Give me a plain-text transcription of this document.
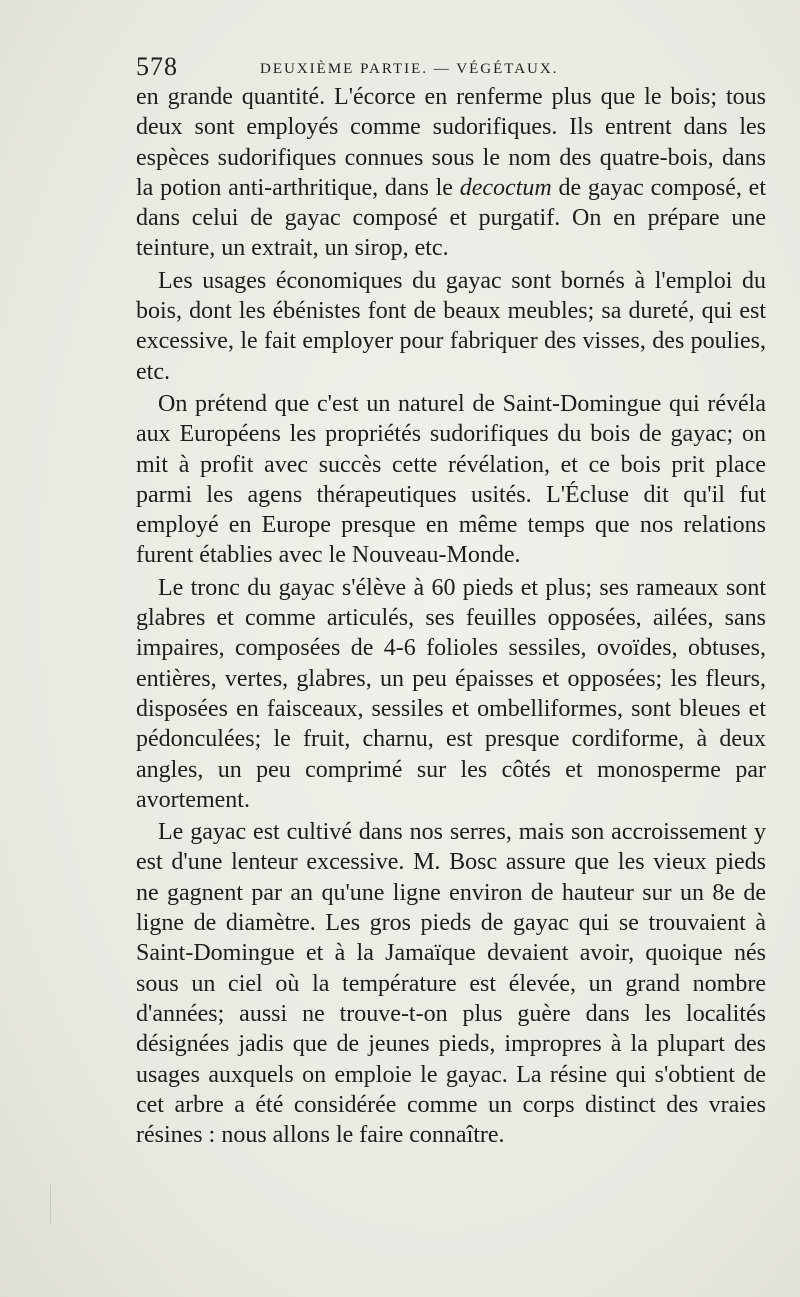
578	DEUXIÈME PARTIE. — VÉGÉTAUX.

en grande quantité. L'écorce en renferme plus que le bois; tous deux sont employés comme sudorifiques. Ils entrent dans les espèces sudorifiques connues sous le nom des quatre-bois, dans la potion anti-arthritique, dans le decoctum de gayac composé, et dans celui de gayac composé et purgatif. On en prépare une teinture, un extrait, un sirop, etc.

Les usages économiques du gayac sont bornés à l'emploi du bois, dont les ébénistes font de beaux meubles; sa dureté, qui est excessive, le fait employer pour fabriquer des visses, des poulies, etc.

On prétend que c'est un naturel de Saint-Domingue qui révéla aux Européens les propriétés sudorifiques du bois de gayac; on mit à profit avec succès cette révélation, et ce bois prit place parmi les agens thérapeutiques usités. L'Écluse dit qu'il fut employé en Europe presque en même temps que nos relations furent établies avec le Nouveau-Monde.

Le tronc du gayac s'élève à 60 pieds et plus; ses rameaux sont glabres et comme articulés, ses feuilles opposées, ailées, sans impaires, composées de 4-6 folioles sessiles, ovoïdes, obtuses, entières, vertes, glabres, un peu épaisses et opposées; les fleurs, disposées en faisceaux, sessiles et ombelliformes, sont bleues et pédonculées; le fruit, charnu, est presque cordiforme, à deux angles, un peu comprimé sur les côtés et monosperme par avortement.

Le gayac est cultivé dans nos serres, mais son accroissement y est d'une lenteur excessive. M. Bosc assure que les vieux pieds ne gagnent par an qu'une ligne environ de hauteur sur un 8e de ligne de diamètre. Les gros pieds de gayac qui se trouvaient à Saint-Domingue et à la Jamaïque devaient avoir, quoique nés sous un ciel où la température est élevée, un grand nombre d'années; aussi ne trouve-t-on plus guère dans les localités désignées jadis que de jeunes pieds, impropres à la plupart des usages auxquels on emploie le gayac. La résine qui s'obtient de cet arbre a été considérée comme un corps distinct des vraies résines : nous allons le faire connaître.
